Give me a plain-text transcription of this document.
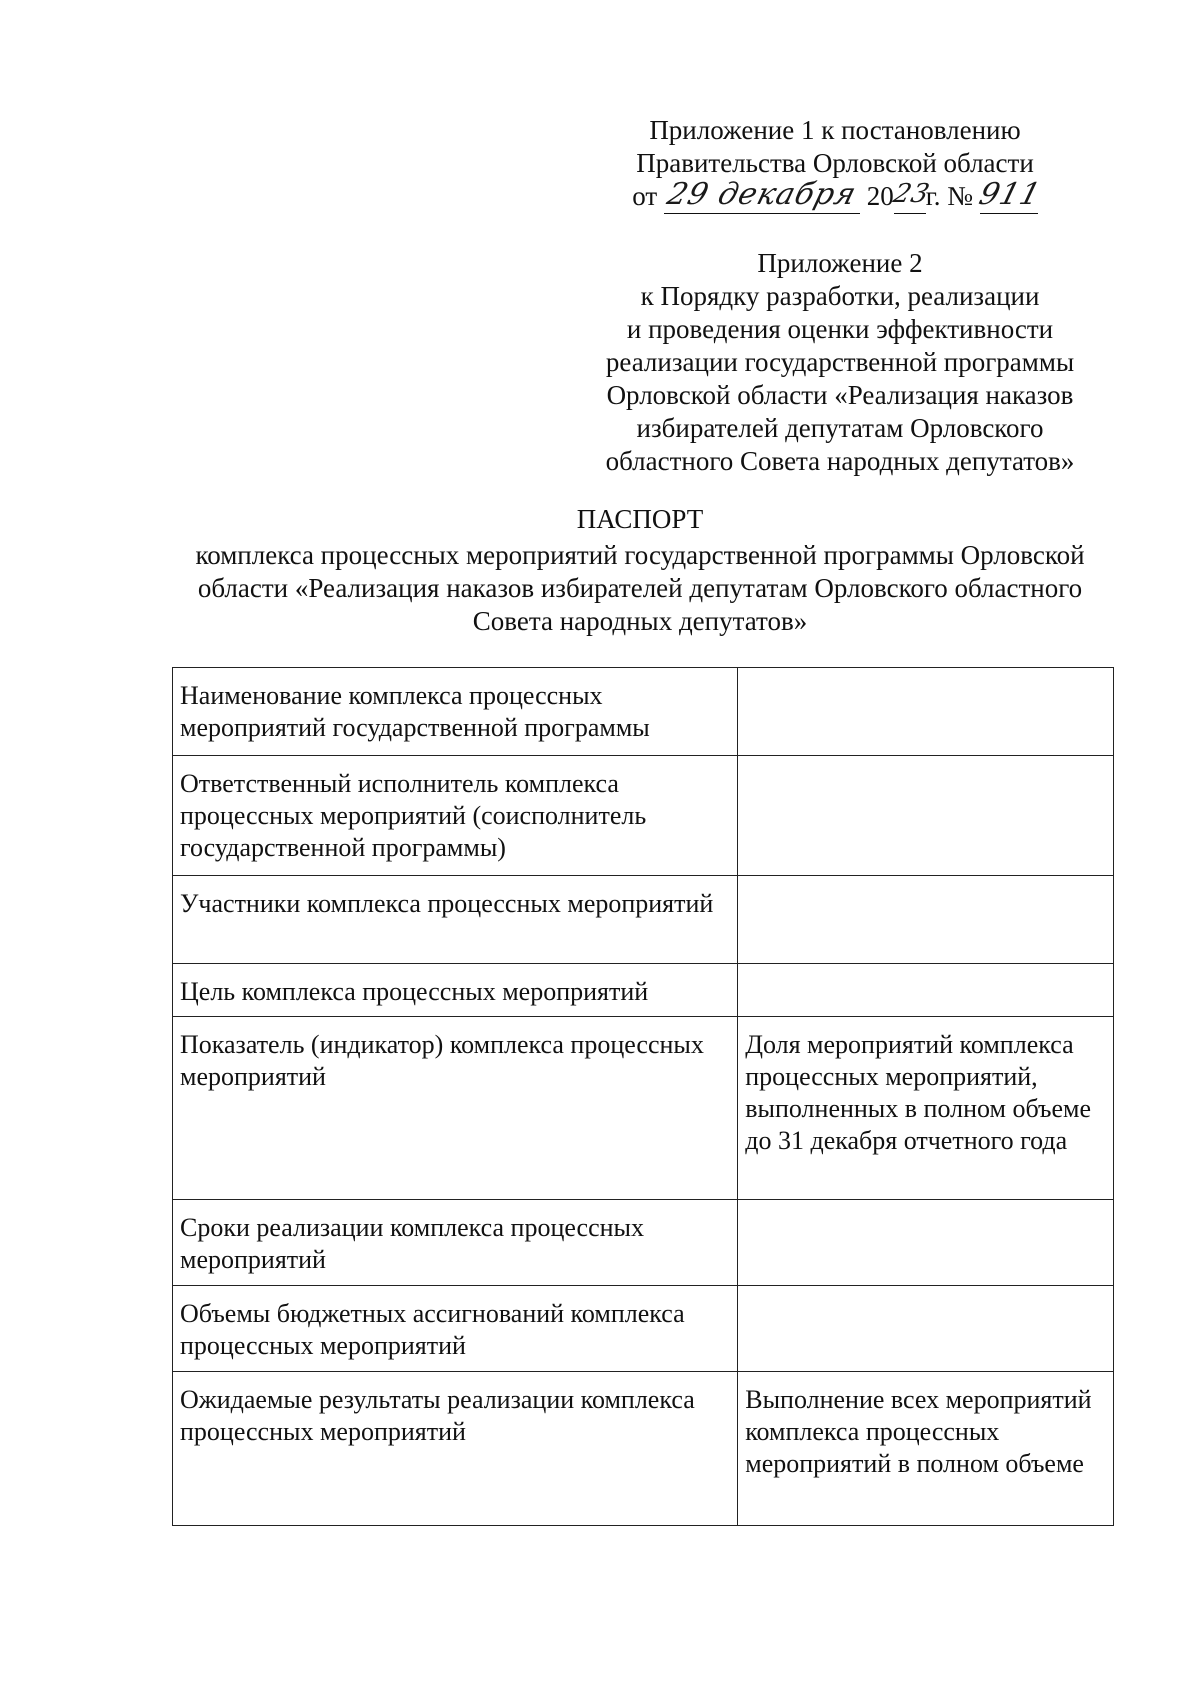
Приложение 1 к постановлению
Правительства Орловской области
от 29 декабря 20
23
г. № 911
Приложение 2
к Порядку разработки, реализации
и проведения оценки эффективности
реализации государственной программы
Орловской области «Реализация наказов
избирателей депутатам Орловского
областного Совета народных депутатов»
ПАСПОРТ
комплекса процессных мероприятий государственной программы Орловской
области «Реализация наказов избирателей депутатам Орловского областного
Совета народных депутатов»
Наименование комплекса процессных мероприятий государственной программы	
Ответственный исполнитель комплекса процессных мероприятий (соисполнитель государственной программы)	
Участники комплекса процессных мероприятий	
Цель комплекса процессных мероприятий	
Показатель (индикатор) комплекса процессных мероприятий	Доля мероприятий комплекса процессных мероприятий, выполненных в полном объеме до 31 декабря отчетного года
Сроки реализации комплекса процессных мероприятий	
Объемы бюджетных ассигнований комплекса процессных мероприятий	
Ожидаемые результаты реализации комплекса процессных мероприятий	Выполнение всех мероприятий комплекса процессных мероприятий в полном объеме
